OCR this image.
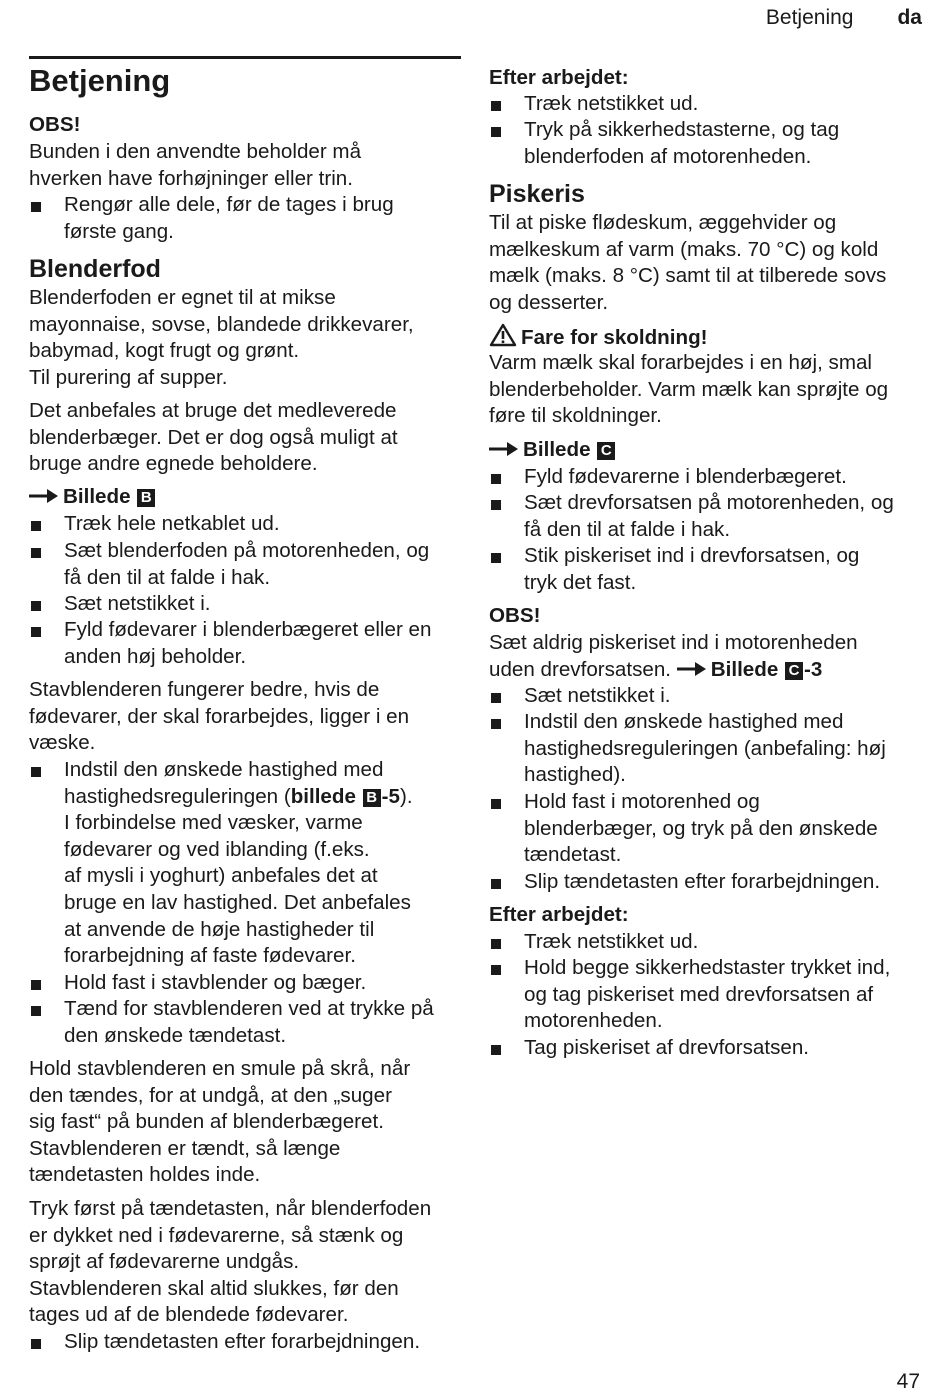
Betjening da
Betjening
OBS!
Bunden i den anvendte beholder må
hverken have forhøjninger eller trin.
Rengør alle dele, før de tages i brug
første gang.
Blenderfod
Blenderfoden er egnet til at mikse
mayonnaise, sovse, blandede drikkevarer,
babymad, kogt frugt og grønt.
Til purering af supper.
Det anbefales at bruge det medleverede
blenderbæger. Det er dog også muligt at
bruge andre egnede beholdere.
Billede B
Træk hele netkablet ud.
Sæt blenderfoden på motorenheden, og
få den til at falde i hak.
Sæt netstikket i.
Fyld fødevarer i blenderbægeret eller en
anden høj beholder.
Stavblenderen fungerer bedre, hvis de
fødevarer, der skal forarbejdes, ligger i en
væske.
Indstil den ønskede hastighed med
hastighedsreguleringen (billede B -5).
I forbindelse med væsker, varme
fødevarer og ved iblanding (f.eks.
af mysli i yoghurt) anbefales det at
bruge en lav hastighed. Det anbefales
at anvende de høje hastigheder til
forarbejdning af faste fødevarer.
Hold fast i stavblender og bæger.
Tænd for stavblenderen ved at trykke på
den ønskede tændetast.
Hold stavblenderen en smule på skrå, når
den tændes, for at undgå, at den „suger
sig fast“ på bunden af blenderbægeret.
Stavblenderen er tændt, så længe
tændetasten holdes inde.
Tryk først på tændetasten, når blenderfoden
er dykket ned i fødevarerne, så stænk og
sprøjt af fødevarerne undgås.
Stavblenderen skal altid slukkes, før den
tages ud af de blendede fødevarer.
Slip tændetasten efter forarbejdningen.
Efter arbejdet:
Træk netstikket ud.
Tryk på sikkerhedstasterne, og tag
blenderfoden af motorenheden.
Piskeris
Til at piske flødeskum, æggehvider og
mælkeskum af varm (maks. 70 °C) og kold
mælk (maks. 8 °C) samt til at tilberede sovs
og desserter.
Fare for skoldning!
Varm mælk skal forarbejdes i en høj, smal
blenderbeholder. Varm mælk kan sprøjte og
føre til skoldninger.
Billede C
Fyld fødevarerne i blenderbægeret.
Sæt drevforsatsen på motorenheden, og
få den til at falde i hak.
Stik piskeriset ind i drevforsatsen, og
tryk det fast.
OBS!
Sæt aldrig piskeriset ind i motorenheden
uden drevforsatsen. Billede C -3
Sæt netstikket i.
Indstil den ønskede hastighed med
hastighedsreguleringen (anbefaling: høj
hastighed).
Hold fast i motorenhed og
blenderbæger, og tryk på den ønskede
tændetast.
Slip tændetasten efter forarbejdningen.
Efter arbejdet:
Træk netstikket ud.
Hold begge sikkerhedstaster trykket ind,
og tag piskeriset med drevforsatsen af
motorenheden.
Tag piskeriset af drevforsatsen.
47
